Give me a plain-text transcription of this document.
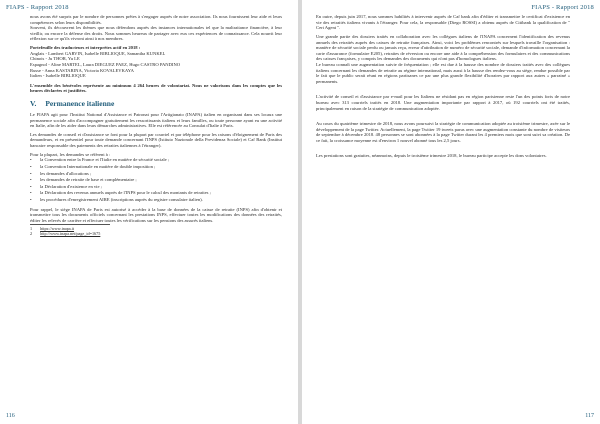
FIAPS - Rapport 2018

nous avons été surpris par le nombre de personnes prêtes à s'engager auprès de notre association. Ils nous fournissent leur aide et leurs compétences selon leurs disponibilités.

Souvent, ils découvrent les thèmes que nous défendons auprès des instances internationales tel que la maltraitance financière, à leur vieillir, ou encore la défense des droits. Nous sommes heureux de partager avec eux ces expériences de connaissance. Cela nourrit leur réflexion sur ce qu'ils vivront ainsi à nos membres.

Portefeuille des traducteurs et interprètes actif en 2018 :

Anglais - Lambert GARVIN, Isabelle BIBLIOQUE, Samantha KUNKEL
Chinois - Ju THOR, Yu LE
Espagnol - Aline MARTEL, Laura DIEGUEZ PAEZ, Hugo CASTRO PANDINO
Russe - Anna KASTARINA, Victoria KOVALEVKAYA
Italien - Isabelle BIBLIOQUE

L'ensemble des bénévoles représente au minimum 4 264 heures de volontariat. Nous ne valorisons dans les comptes que les heures déclarées et justifiées.

V. Permanence italienne

Le FIAPA agit pour l'Institut National d'Assistance et Patronat pour l'Artigianato (INAPA) italien en organisant dans ses locaux une permanence sociale afin d'accompagner gratuitement les ressortissants italiens et leurs familles, ou toute personne ayant eu une activité en Italie, afin de les aider dans leurs démarches administratives. Elle est référencée au Consulat d'Italie à Paris.

Les demandes de conseil et d'assistance se font pour la plupart par courriel et par téléphone pour les raisons d'éloignement de Paris des demandeurs, et en présentiel pour toute demande concernant l'INPS (Istituto Nazionale della Previdenza Sociale) et Caf Bank (Institut bancaire responsable des paiements des retraites italiennes à l'étranger).

Pour la plupart, les demandes se réfèrent à :

•	la Convention entre la France et l'Italie en matière de sécurité sociale ;
•	la Convention Internationale en matière de double imposition ;
•	les demandes d'allocations ;
•	les demandes de retraite de base et complémentaire ;
•	la Déclaration d'existence en vie ;
•	la Déclaration des revenus annuels auprès de l'INPS pour le calcul des montants de retraites ;
•	les procédures d'enregistrement AIRE (inscriptions auprès du registre consulaire italien).

Pour rappel, le siège INAPA de Paris est autorisé à accéder à la base de données de la caisse de retraite (INPS) afin d'obtenir et transmettre tous les documents officiels concernant les prestations INPS, effectuer toutes les modifications des données des retraités, éditer les relevés de carrière et effectuer toutes les vérifications sur les pensions des assurés italiens.

1 https://www.inapa.it
2 http://www.inapa.net/page_id=1675
116
FIAPS - Rapport 2018

En outre, depuis juin 2017, nous sommes habilités à intervenir auprès de Caf bank afin d'éditer et transmettre le certificat d'existence en vie des retraités italiens vivants à l'étranger. Pour cela, la responsable (Diego ROSSI) a obtenu auprès de Citibank la qualification de " Cert Agent ".

Une grande partie des dossiers traités en collaboration avec les collègues italiens de l'INAPA concernent l'identification des revenus annuels des retraités auprès des caisses de retraite françaises. Ainsi, voici les problèmes rencontrés sur lesquels travaille l'organisation : manière de sécurité sociale perdu ou jamais reçu, erreur d'attribution de numéro de sécurité sociale, demande d'information concernant la carte d'assurance (formulaire E205), retraites de réversion ou encore une aide à la compréhension des formulaires et des communications des caisses françaises, y compris les demandes des documents qui n'ont pas d'homologues italiens.

Le bureau connaît une augmentation suivie de fréquentation ; elle est due à la hausse des nombre de dossiers traités avec des collègues italiens concernant les demandes de retraite au régime international, mais aussi à la hausse des rendez-vous au siège, rendue possible par le fait que le public serait réuni en régions partisanes ce par une plus grande flexibilité d'horaires par rapport aux autres « parrainé » permanents.

L'activité de conseil et d'assistance par e-mail pour les Italiens ne résidant pas en région parisienne reste l'un des points forts de notre bureau avec 313 courriels traités en 2018. Une augmentation importante par rapport à 2017, où 192 courriels ont été traités, principalement en raison de la stratégie de communication adoptée.

Au cours du quatrième trimestre de 2018, nous avons poursuivi la stratégie de communication adoptée au troisième trimestre, axée sur le développement de la page Twitter. Actuellement, la page Twitter 19 tweets parus avec une augmentation constante du nombre de visiteurs de septembre à décembre 2018. 48 personnes se sont abonnées à la page Twitter durant les 4 premiers mois que sont suivi sa création. De ce fait, la croissance moyenne est d'environ 1 nouvel abonné tous les 2,5 jours.

Les prestations sont gratuites, néanmoins, depuis le troisième trimestre 2018, le bureau participe accepte les dons volontaires.

117
